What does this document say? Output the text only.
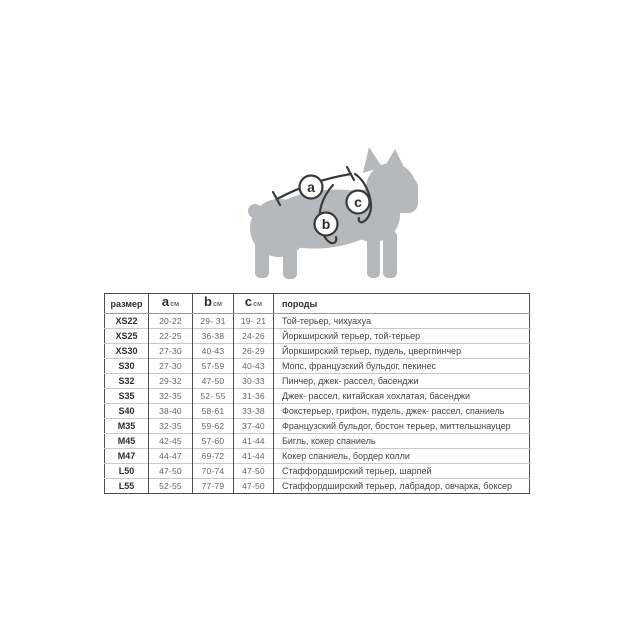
a
b
c
размер	aсм	bсм	cсм	породы
XS22	20-22	29- 31	19- 21	Той-терьер, чихуахуа
XS25	22-25	36-38	24-26	Йоркширский терьер, той-терьер
XS30	27-30	40-43	26-29	Йоркширский терьер, пудель, цвергпинчер
S30	27-30	57-59	40-43	Мопс, французский бульдог, пекинес
S32	29-32	47-50	30-33	Пинчер, джек- рассел, басенджи
S35	32-35	52- 55	31-36	Джек- рассел, китайская хохлатая, басенджи
S40	38-40	58-61	33-38	Фокстерьер, грифон, пудель, джек- рассел, спаниель
M35	32-35	59-62	37-40	Французский бульдог, бостон терьер, миттельшнауцер
M45	42-45	57-60	41-44	Бигль, кокер спаниель
M47	44-47	69-72	41-44	Кокер спаниель, бордер колли
L50	47-50	70-74	47-50	Стаффордширский терьер, шарпей
L55	52-55	77-79	47-50	Стаффордширский терьер, лабрадор, овчарка, боксер
